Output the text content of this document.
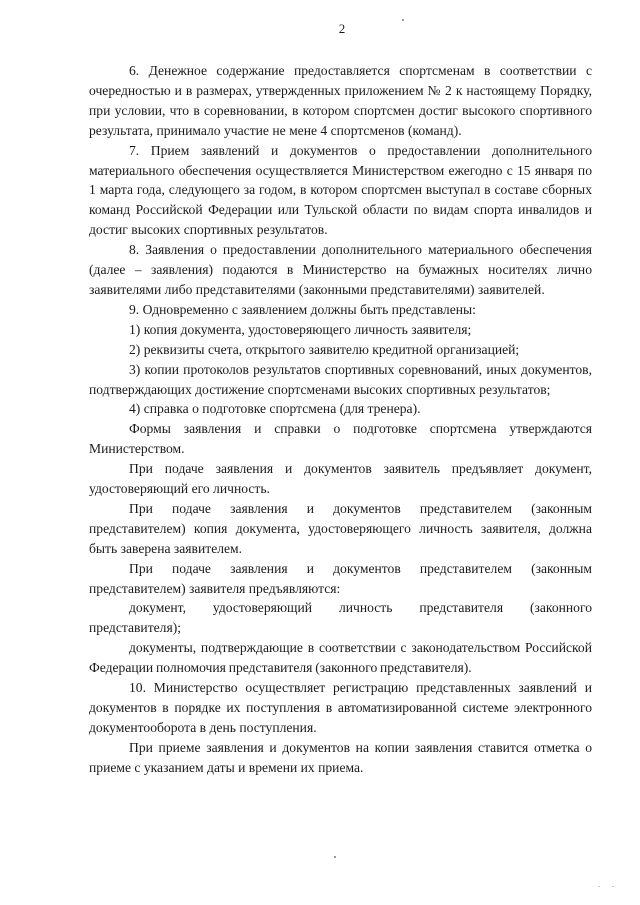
2

6. Денежное содержание предоставляется спортсменам в соответствии с очередностью и в размерах, утвержденных приложением № 2 к настоящему Порядку, при условии, что в соревновании, в котором спортсмен достиг высокого спортивного результата, принимало участие не мене 4 спортсменов (команд).

7. Прием заявлений и документов о предоставлении дополнительного материального обеспечения осуществляется Министерством ежегодно с 15 января по 1 марта года, следующего за годом, в котором спортсмен выступал в составе сборных команд Российской Федерации или Тульской области по видам спорта инвалидов и достиг высоких спортивных результатов.

8. Заявления о предоставлении дополнительного материального обеспечения (далее – заявления) подаются в Министерство на бумажных носителях лично заявителями либо представителями (законными представителями) заявителей.

9. Одновременно с заявлением должны быть представлены:

1) копия документа, удостоверяющего личность заявителя;

2) реквизиты счета, открытого заявителю кредитной организацией;

3) копии протоколов результатов спортивных соревнований, иных документов, подтверждающих достижение спортсменами высоких спортивных результатов;

4) справка о подготовке спортсмена (для тренера).

Формы заявления и справки о подготовке спортсмена утверждаются Министерством.

При подаче заявления и документов заявитель предъявляет документ, удостоверяющий его личность.

При подаче заявления и документов представителем (законным представителем) копия документа, удостоверяющего личность заявителя, должна быть заверена заявителем.

При подаче заявления и документов представителем (законным представителем) заявителя предъявляются:

документ, удостоверяющий личность представителя (законного представителя);

документы, подтверждающие в соответствии с законодательством Российской Федерации полномочия представителя (законного представителя).

10. Министерство осуществляет регистрацию представленных заявлений и документов в порядке их поступления в автоматизированной системе электронного документооборота в день поступления.

При приеме заявления и документов на копии заявления ставится отметка о приеме с указанием даты и времени их приема.
